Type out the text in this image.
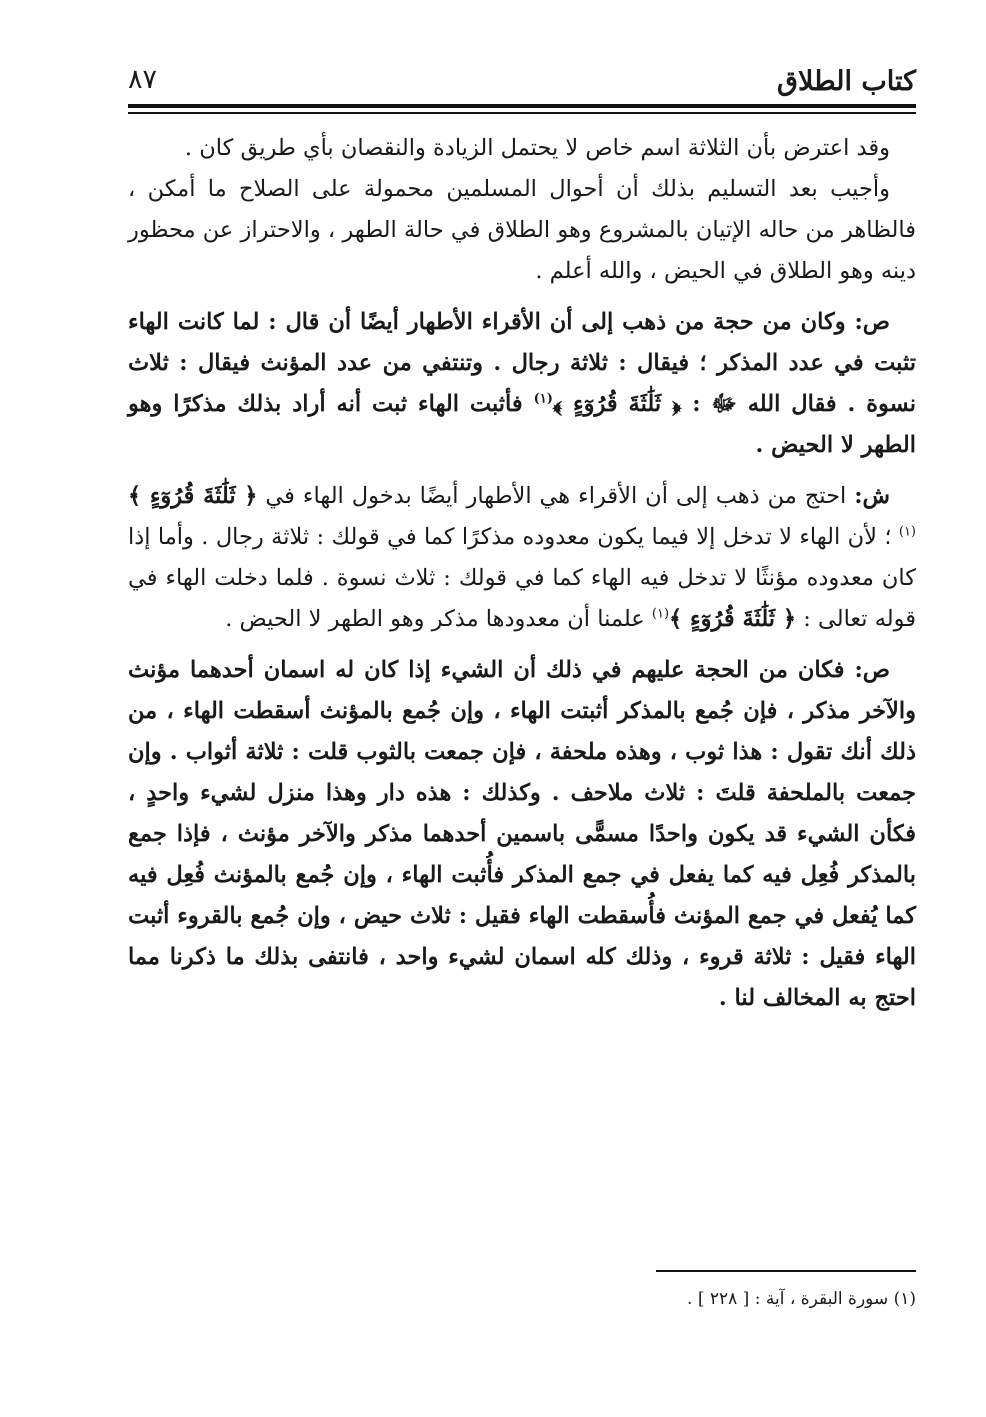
كتاب الطلاق
٨٧

وقد اعترض بأن الثلاثة اسم خاص لا يحتمل الزيادة والنقصان بأي طريق كان .

وأجيب بعد التسليم بذلك أن أحوال المسلمين محمولة على الصلاح ما أمكن ، فالظاهر من حاله الإتيان بالمشروع وهو الطلاق في حالة الطهر ، والاحتراز عن محظور دينه وهو الطلاق في الحيض ، والله أعلم .

ص: وكان من حجة من ذهب إلى أن الأقراء الأطهار أيضًا أن قال : لما كانت الهاء تثبت في عدد المذكر ؛ فيقال : ثلاثة رجال . وتنتفي من عدد المؤنث فيقال : ثلاث نسوة . فقال الله ﷻ : ﴿ ثَلَٰثَةَ قُرُوٓءٍ ﴾$^{(١)}$ فأثبت الهاء ثبت أنه أراد بذلك مذكرًا وهو الطهر لا الحيض .

ش: احتج من ذهب إلى أن الأقراء هي الأطهار أيضًا بدخول الهاء في ﴿ ثَلَٰثَةَ قُرُوٓءٍ ﴾$^{(١)}$ ؛ لأن الهاء لا تدخل إلا فيما يكون معدوده مذكرًا كما في قولك : ثلاثة رجال . وأما إذا كان معدوده مؤنثًا لا تدخل فيه الهاء كما في قولك : ثلاث نسوة . فلما دخلت الهاء في قوله تعالى : ﴿ ثَلَٰثَةَ قُرُوٓءٍ ﴾$^{(١)}$ علمنا أن معدودها مذكر وهو الطهر لا الحيض .

ص: فكان من الحجة عليهم في ذلك أن الشيء إذا كان له اسمان أحدهما مؤنث والآخر مذكر ، فإن جُمع بالمذكر أثبتت الهاء ، وإن جُمع بالمؤنث أسقطت الهاء ، من ذلك أنك تقول : هذا ثوب ، وهذه ملحفة ، فإن جمعت بالثوب قلت : ثلاثة أثواب . وإن جمعت بالملحفة قلتَ : ثلاث ملاحف . وكذلك : هذه دار وهذا منزل لشيء واحدٍ ، فكأن الشيء قد يكون واحدًا مسمًّى باسمين أحدهما مذكر والآخر مؤنث ، فإذا جمع بالمذكر فُعِل فيه كما يفعل في جمع المذكر فأُثبت الهاء ، وإن جُمع بالمؤنث فُعِل فيه كما يُفعل في جمع المؤنث فأُسقطت الهاء فقيل : ثلاث حيض ، وإن جُمع بالقروء أثبت الهاء فقيل : ثلاثة قروء ، وذلك كله اسمان لشيء واحد ، فانتفى بذلك ما ذكرنا مما احتج به المخالف لنا .

(١) سورة البقرة ، آية : [ ٢٢٨ ] .
